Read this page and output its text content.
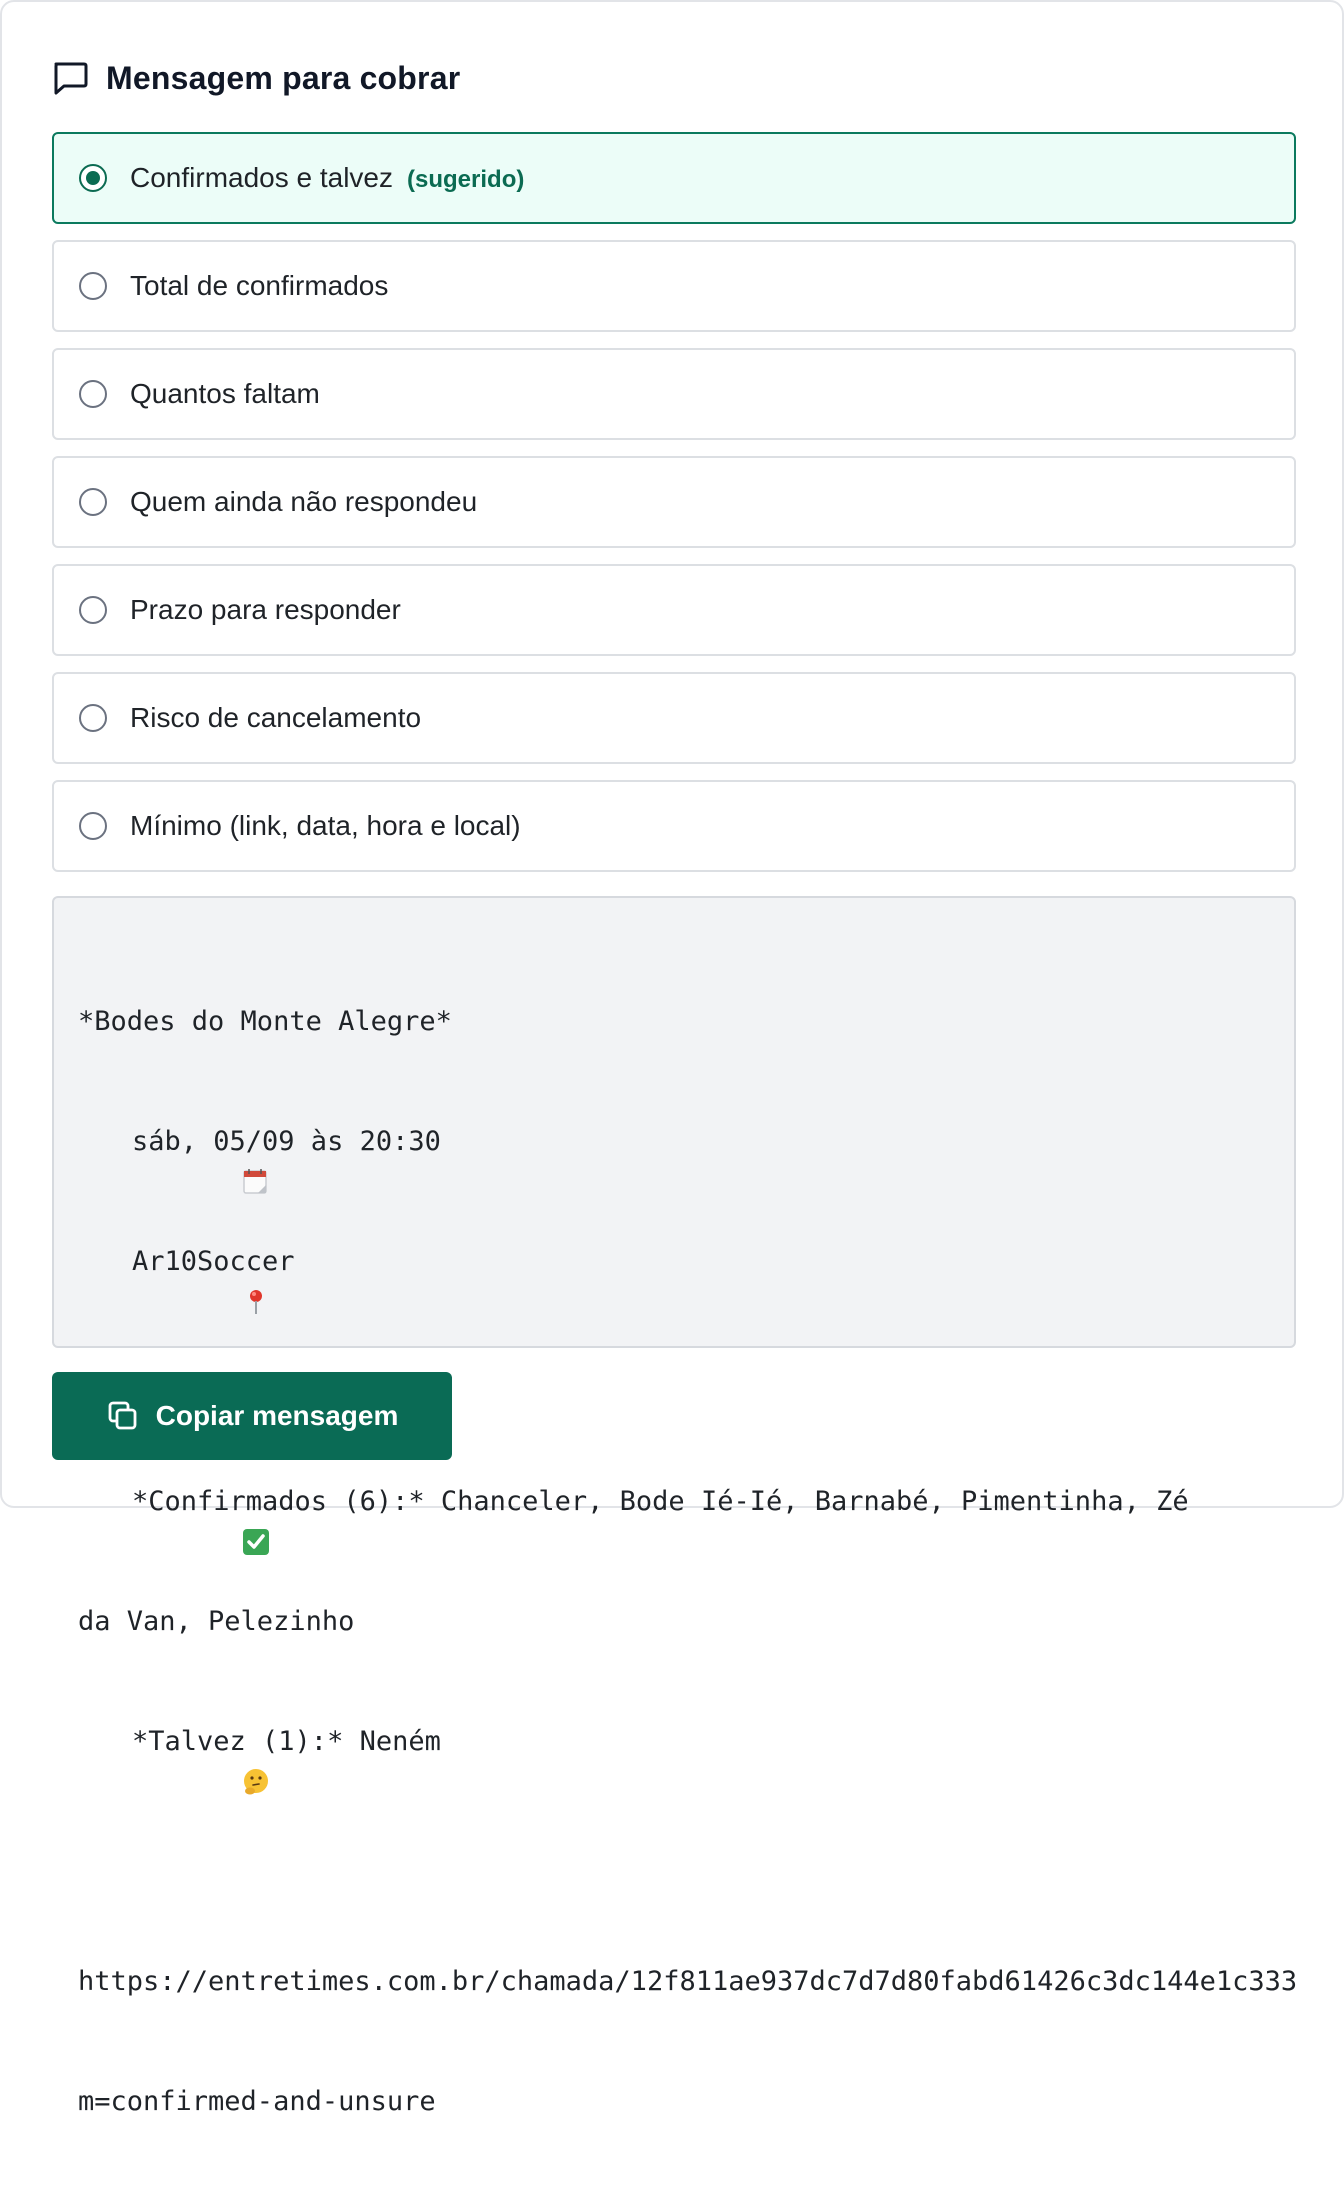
Mensagem para cobrar
Confirmados e talvez (sugerido)
Total de confirmados
Quantos faltam
Quem ainda não respondeu
Prazo para responder
Risco de cancelamento
Mínimo (link, data, hora e local)

*Bodes do Monte Alegre*

sáb, 05/09 às 20:30

Ar10Soccer

*Confirmados (6):* Chanceler, Bode Ié-Ié, Barnabé, Pimentinha, Zé

da Van, Pelezinho

*Talvez (1):* Neném

https://entretimes.com.br/chamada/12f811ae937dc7d7d80fabd61426c3dc144e1c333

m=confirmed-and-unsure

Copiar mensagem
